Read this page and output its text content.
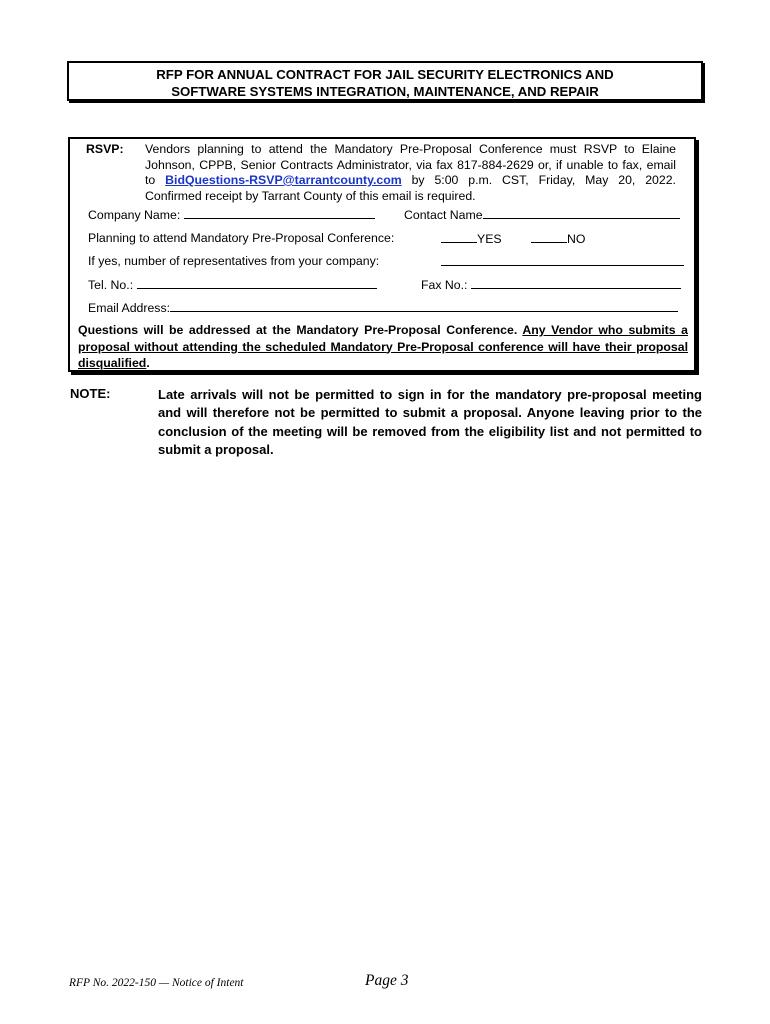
RFP FOR ANNUAL CONTRACT FOR JAIL SECURITY ELECTRONICS AND
SOFTWARE SYSTEMS INTEGRATION, MAINTENANCE, AND REPAIR
RSVP: Vendors planning to attend the Mandatory Pre-Proposal Conference must RSVP to Elaine Johnson, CPPB, Senior Contracts Administrator, via fax 817-884-2629 or, if unable to fax, email to BidQuestions-RSVP@tarrantcounty.com by 5:00 p.m. CST, Friday, May 20, 2022. Confirmed receipt by Tarrant County of this email is required.
Company Name:	Contact Name
Planning to attend Mandatory Pre-Proposal Conference:	YES	NO
If yes, number of representatives from your company:
Tel. No.:	Fax No.:
Email Address:
Questions will be addressed at the Mandatory Pre-Proposal Conference. Any Vendor who submits a proposal without attending the scheduled Mandatory Pre-Proposal conference will have their proposal disqualified.
NOTE:	Late arrivals will not be permitted to sign in for the mandatory pre-proposal meeting and will therefore not be permitted to submit a proposal. Anyone leaving prior to the conclusion of the meeting will be removed from the eligibility list and not permitted to submit a proposal.
RFP No. 2022-150 — Notice of Intent	Page 3
